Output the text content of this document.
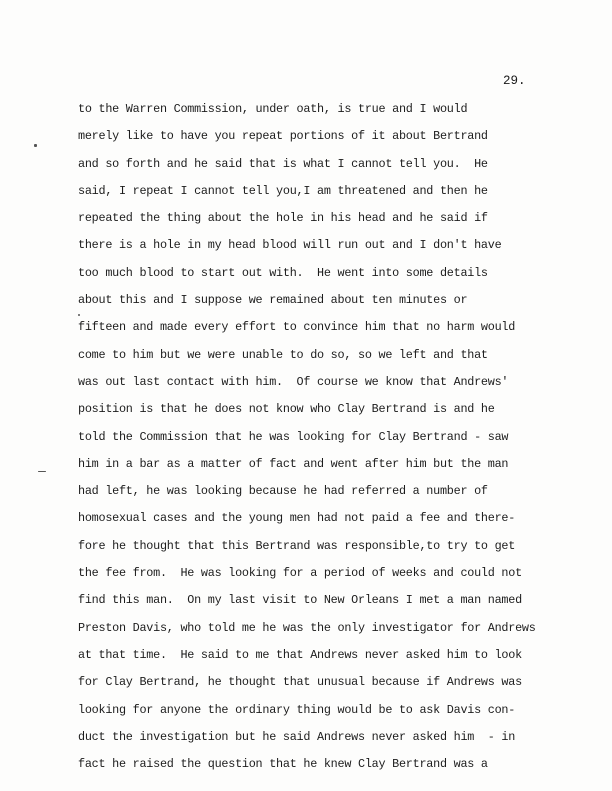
29.
to the Warren Commission, under oath, is true and I would
merely like to have you repeat portions of it about Bertrand
and so forth and he said that is what I cannot tell you.  He
said, I repeat I cannot tell you,I am threatened and then he
repeated the thing about the hole in his head and he said if
there is a hole in my head blood will run out and I don't have
too much blood to start out with.  He went into some details
about this and I suppose we remained about ten minutes or
fifteen and made every effort to convince him that no harm would
come to him but we were unable to do so, so we left and that
was out last contact with him.  Of course we know that Andrews'
position is that he does not know who Clay Bertrand is and he
told the Commission that he was looking for Clay Bertrand - saw
him in a bar as a matter of fact and went after him but the man
had left, he was looking because he had referred a number of
homosexual cases and the young men had not paid a fee and there-
fore he thought that this Bertrand was responsible,to try to get
the fee from.  He was looking for a period of weeks and could not
find this man.  On my last visit to New Orleans I met a man named
Preston Davis, who told me he was the only investigator for Andrews
at that time.  He said to me that Andrews never asked him to look
for Clay Bertrand, he thought that unusual because if Andrews was
looking for anyone the ordinary thing would be to ask Davis con-
duct the investigation but he said Andrews never asked him  - in
fact he raised the question that he knew Clay Bertrand was a
